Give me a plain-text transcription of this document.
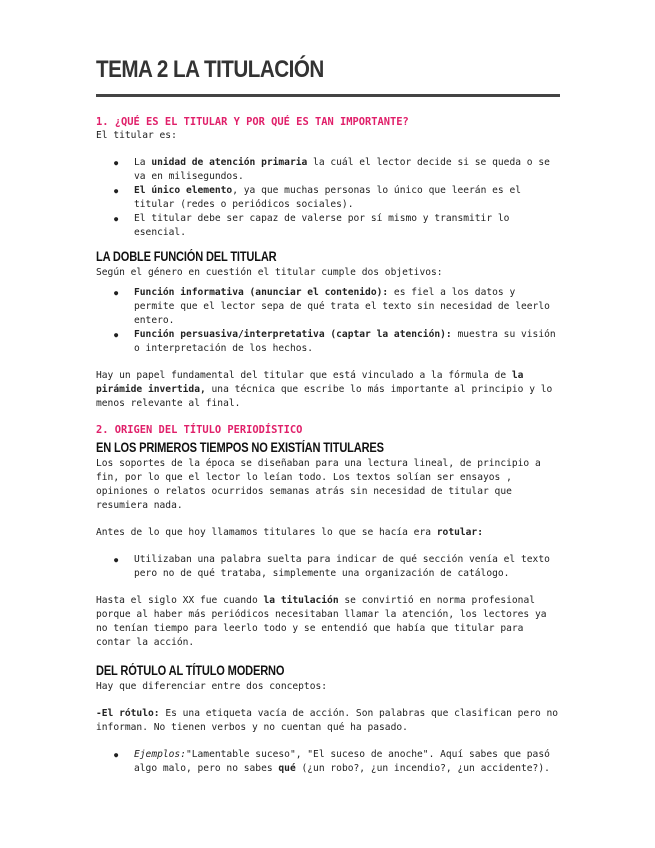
TEMA 2 LA TITULACIÓN

1. ¿QUÉ ES EL TITULAR Y POR QUÉ ES TAN IMPORTANTE?

El titular es:

● La unidad de atención primaria la cuál el lector decide si se queda o se va en milisegundos.
● El único elemento, ya que muchas personas lo único que leerán es el titular (redes o periódicos sociales).
● El titular debe ser capaz de valerse por sí mismo y transmitir lo esencial.
LA DOBLE FUNCIÓN DEL TITULAR

Según el género en cuestión el titular cumple dos objetivos:

● Función informativa (anunciar el contenido): es fiel a los datos y permite que el lector sepa de qué trata el texto sin necesidad de leerlo entero.
● Función persuasiva/interpretativa (captar la atención): muestra su visión o interpretación de los hechos.

Hay un papel fundamental del titular que está vinculado a la fórmula de la pirámide invertida, una técnica que escribe lo más importante al principio y lo menos relevante al final.

2. ORIGEN DEL TÍTULO PERIODÍSTICO

EN LOS PRIMEROS TIEMPOS NO EXISTÍAN TITULARES

Los soportes de la época se diseñaban para una lectura lineal, de principio a fin, por lo que el lector lo leían todo. Los textos solían ser ensayos , opiniones o relatos ocurridos semanas atrás sin necesidad de titular que resumiera nada.

Antes de lo que hoy llamamos titulares lo que se hacía era rotular:

● Utilizaban una palabra suelta para indicar de qué sección venía el texto pero no de qué trataba, simplemente una organización de catálogo.

Hasta el siglo XX fue cuando la titulación se convirtió en norma profesional porque al haber más periódicos necesitaban llamar la atención, los lectores ya no tenían tiempo para leerlo todo y se entendió que había que titular para contar la acción.

DEL RÓTULO AL TÍTULO MODERNO

Hay que diferenciar entre dos conceptos:

-El rótulo: Es una etiqueta vacía de acción. Son palabras que clasifican pero no informan. No tienen verbos y no cuentan qué ha pasado.

● Ejemplos:"Lamentable suceso", "El suceso de anoche". Aquí sabes que pasó algo malo, pero no sabes qué (¿un robo?, ¿un incendio?, ¿un accidente?).
